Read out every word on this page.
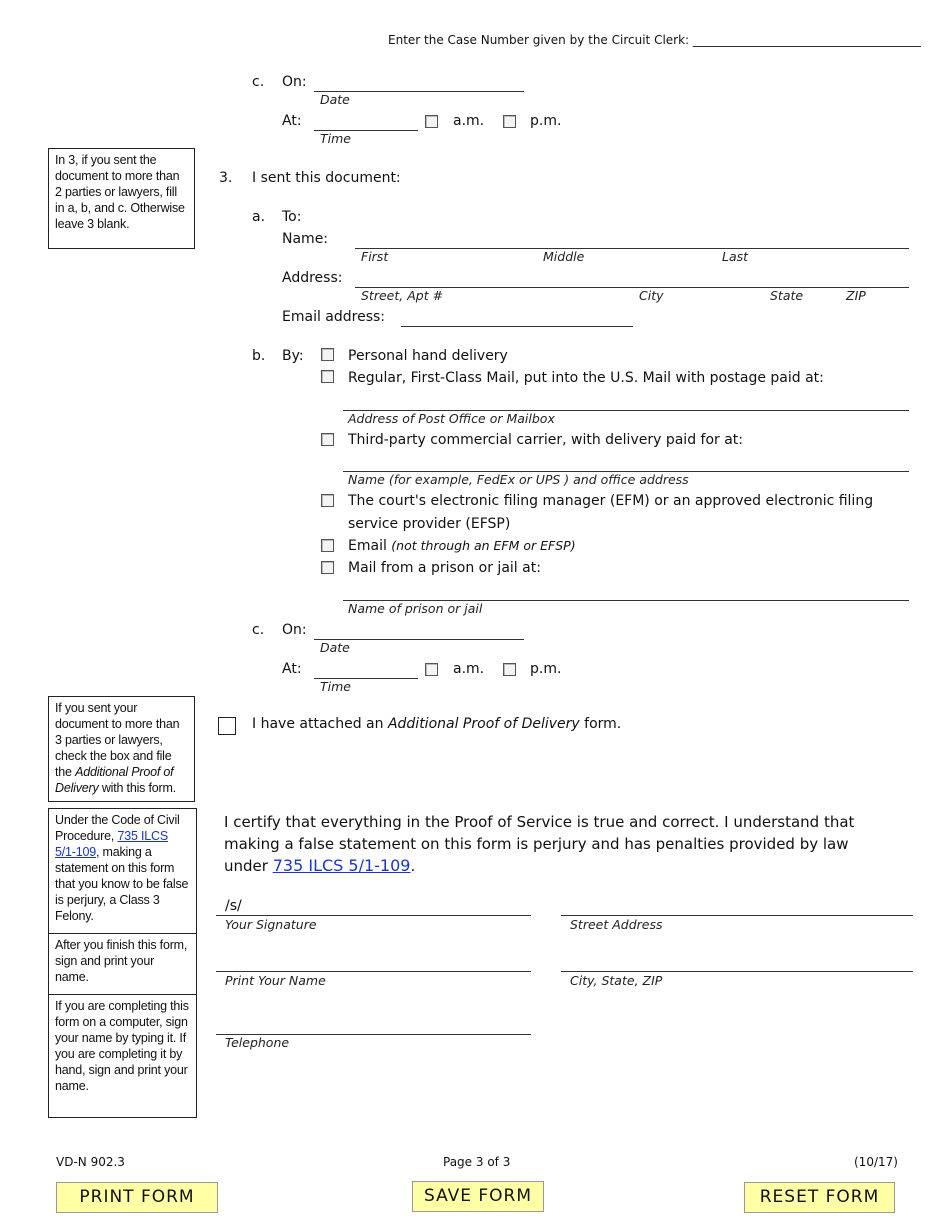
Enter the Case Number given by the Circuit Clerk: ______________________________________
c. On:
Date
At:
Time
a.m.	p.m.
In 3, if you sent the document to more than 2 parties or lawyers, fill in a, b, and c. Otherwise leave 3 blank.
3. I sent this document:
a. To:
Name:
First	Middle	Last
Address:
Street, Apt #	City	State	ZIP
Email address:
b. By:	Personal hand delivery
Regular, First-Class Mail, put into the U.S. Mail with postage paid at:
Address of Post Office or Mailbox
Third-party commercial carrier, with delivery paid for at:
Name (for example, FedEx or UPS ) and office address
The court's electronic filing manager (EFM) or an approved electronic filing
service provider (EFSP)
Email (not through an EFM or EFSP)
Mail from a prison or jail at:
Name of prison or jail
c. On:
Date
At:
Time
a.m.	p.m.
If you sent your document to more than 3 parties or lawyers, check the box and file the Additional Proof of Delivery with this form.
I have attached an Additional Proof of Delivery form.
Under the Code of Civil Procedure, 735 ILCS 5/1-109, making a statement on this form that you know to be false is perjury, a Class 3 Felony.
After you finish this form, sign and print your name.
If you are completing this form on a computer, sign your name by typing it. If you are completing it by hand, sign and print your name.
I certify that everything in the Proof of Service is true and correct. I understand that making a false statement on this form is perjury and has penalties provided by law under 735 ILCS 5/1-109.
/s/
Your Signature	Street Address
Print Your Name	City, State, ZIP
Telephone
VD-N 902.3	Page 3 of 3	(10/17)
PRINT FORM	SAVE FORM	RESET FORM
